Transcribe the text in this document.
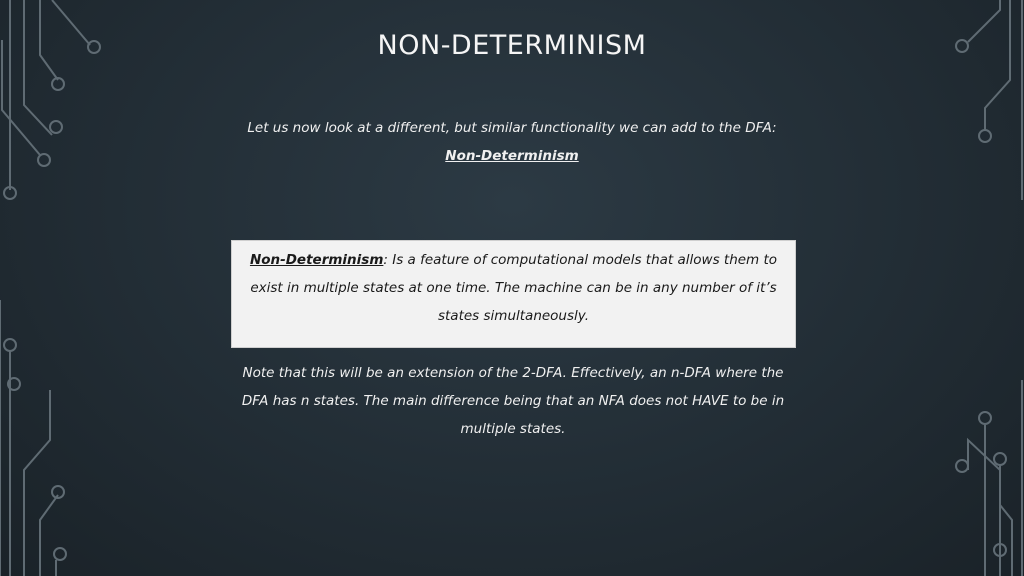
NON-DETERMINISM
Let us now look at a different, but similar functionality we can add to the DFA: Non-Determinism
Non-Determinism: Is a feature of computational models that allows them to exist in multiple states at one time. The machine can be in any number of it’s states simultaneously.
Note that this will be an extension of the 2-DFA. Effectively, an n-DFA where the DFA has n states. The main difference being that an NFA does not HAVE to be in multiple states.
